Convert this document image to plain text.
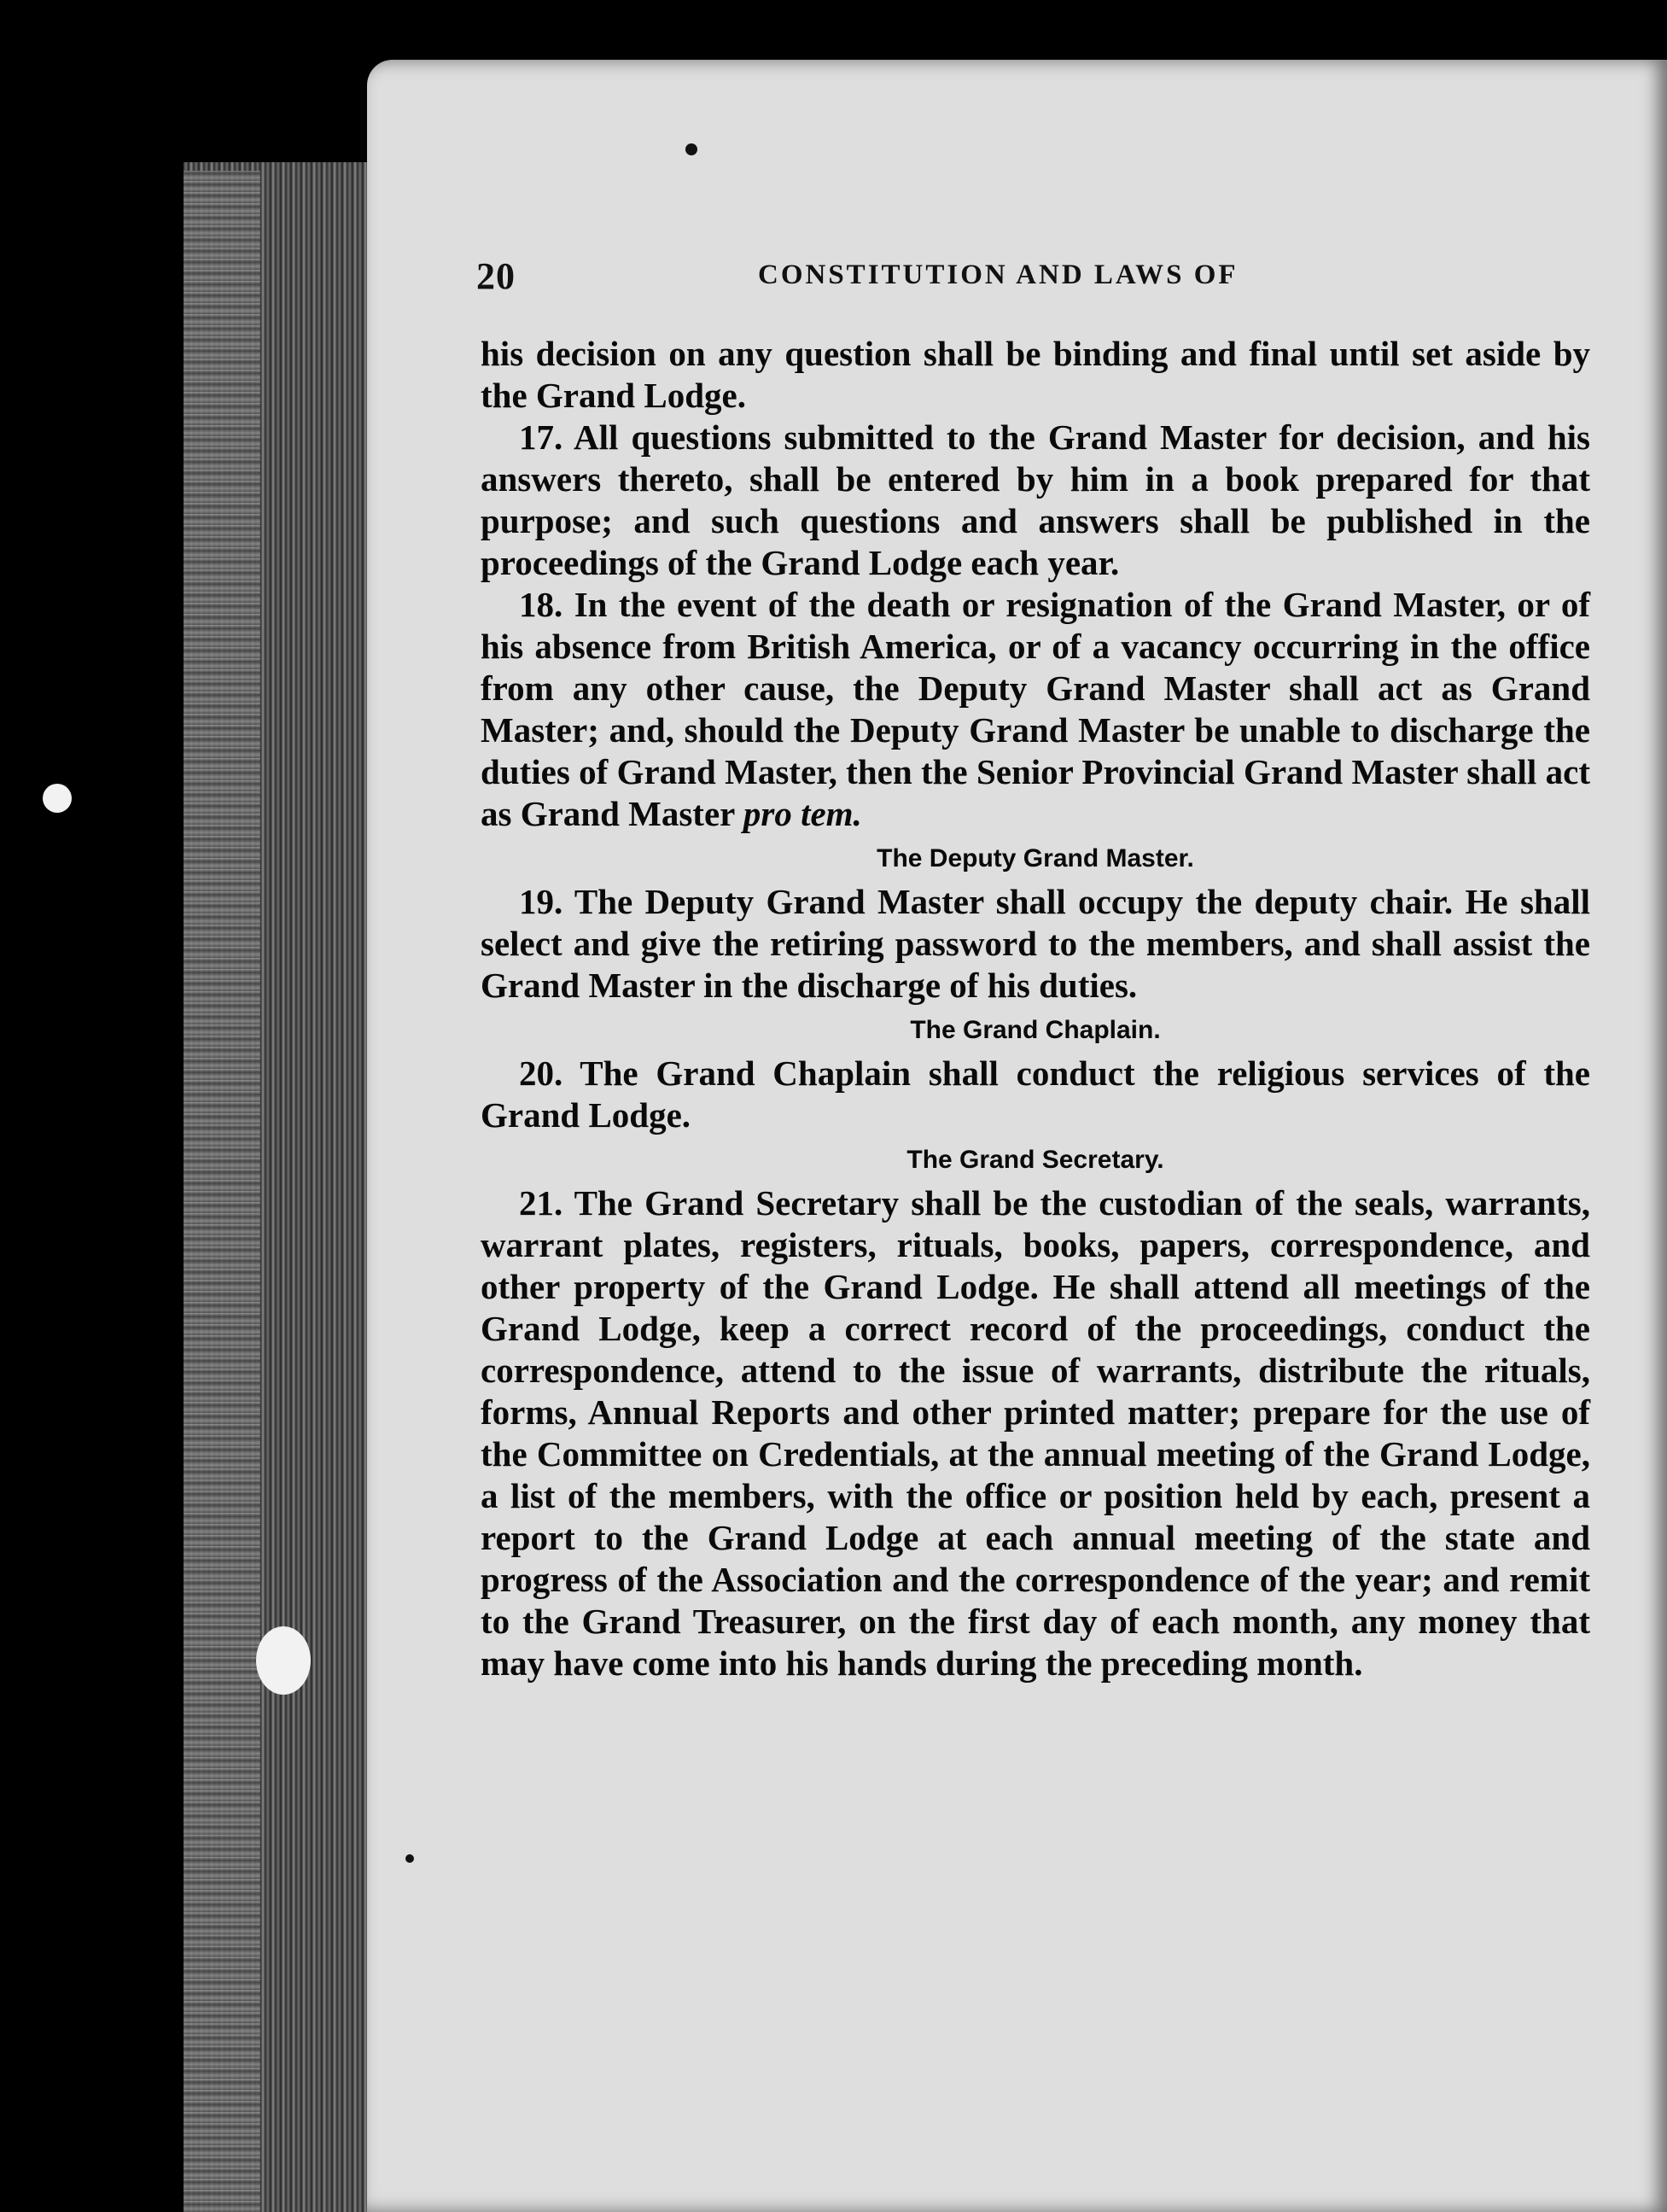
20	CONSTITUTION AND LAWS OF

his decision on any question shall be binding and final until set aside by the Grand Lodge.

17. All questions submitted to the Grand Master for decision, and his answers thereto, shall be entered by him in a book prepared for that purpose; and such questions and answers shall be published in the proceedings of the Grand Lodge each year.

18. In the event of the death or resignation of the Grand Master, or of his absence from British America, or of a vacancy occurring in the office from any other cause, the Deputy Grand Master shall act as Grand Master; and, should the Deputy Grand Master be unable to discharge the duties of Grand Master, then the Senior Provincial Grand Master shall act as Grand Master pro tem.

The Deputy Grand Master.

19. The Deputy Grand Master shall occupy the deputy chair. He shall select and give the retiring password to the members, and shall assist the Grand Master in the discharge of his duties.

The Grand Chaplain.

20. The Grand Chaplain shall conduct the religious services of the Grand Lodge.

The Grand Secretary.

21. The Grand Secretary shall be the custodian of the seals, warrants, warrant plates, registers, rituals, books, papers, correspondence, and other property of the Grand Lodge. He shall attend all meetings of the Grand Lodge, keep a correct record of the proceedings, conduct the correspondence, attend to the issue of warrants, distribute the rituals, forms, Annual Reports and other printed matter; prepare for the use of the Committee on Credentials, at the annual meeting of the Grand Lodge, a list of the members, with the office or position held by each, present a report to the Grand Lodge at each annual meeting of the state and progress of the Association and the correspondence of the year; and remit to the Grand Treasurer, on the first day of each month, any money that may have come into his hands during the preceding month.
